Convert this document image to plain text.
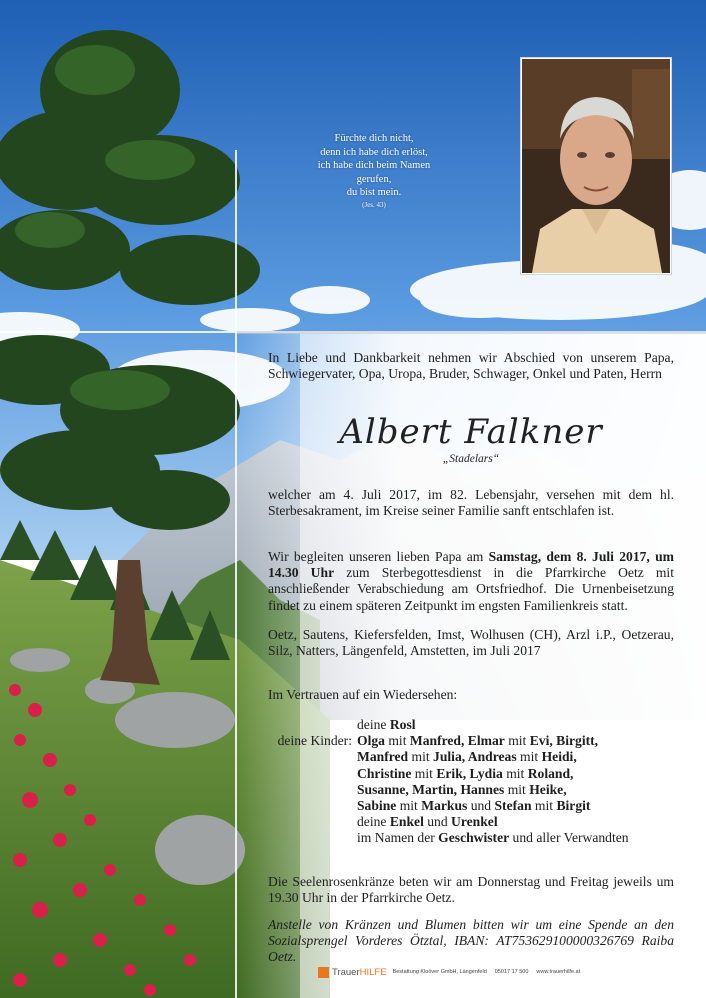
Fürchte dich nicht,
denn ich habe dich erlöst,
ich habe dich beim Namen gerufen,
du bist mein.
(Jes. 43)

In Liebe und Dankbarkeit nehmen wir Abschied von unserem Papa, Schwiegervater, Opa, Uropa, Bruder, Schwager, Onkel und Paten, Herrn

Albert Falkner
„Stadelars“

welcher am 4. Juli 2017, im 82. Lebensjahr, versehen mit dem hl. Sterbesakrament, im Kreise seiner Familie sanft entschlafen ist.

Wir begleiten unseren lieben Papa am Samstag, dem 8. Juli 2017, um 14.30 Uhr zum Sterbegottesdienst in die Pfarrkirche Oetz mit anschließender Verabschiedung am Ortsfriedhof. Die Urnenbeisetzung findet zu einem späteren Zeitpunkt im engsten Familienkreis statt.

Oetz, Sautens, Kiefersfelden, Imst, Wolhusen (CH), Arzl i.P., Oetzerau, Silz, Natters, Längenfeld, Amstetten, im Juli 2017

Im Vertrauen auf ein Wiedersehen:

deine Rosl
deine Kinder: Olga mit Manfred, Elmar mit Evi, Birgitt,
Manfred mit Julia, Andreas mit Heidi,
Christine mit Erik, Lydia mit Roland,
Susanne, Martin, Hannes mit Heike,
Sabine mit Markus und Stefan mit Birgit
deine Enkel und Urenkel
im Namen der Geschwister und aller Verwandten

Die Seelenrosenkränze beten wir am Donnerstag und Freitag jeweils um 19.30 Uhr in der Pfarrkirche Oetz.

Anstelle von Kränzen und Blumen bitten wir um eine Spende an den Sozialsprengel Vorderes Ötztal, IBAN: AT753629100000326769 Raiba Oetz.

Trauer HILFE Bestattung Kloöver GmbH, Längenfeld 05017 17 500 www.trauerhilfe.at
